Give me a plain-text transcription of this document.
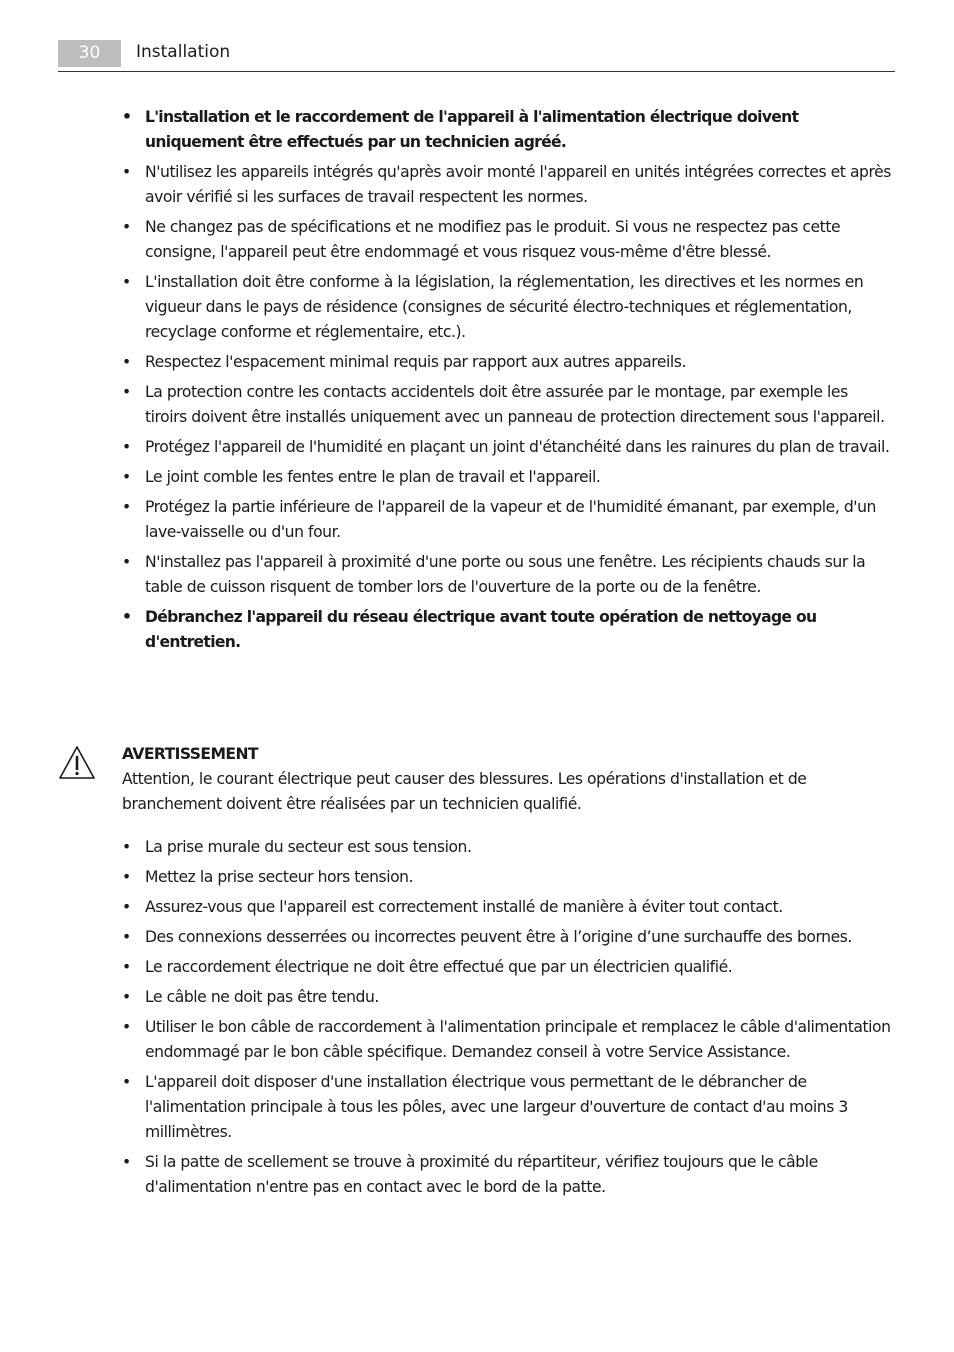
30	Installation
• L'installation et le raccordement de l'appareil à l'alimentation électrique doivent uniquement être effectués par un technicien agréé.
• N'utilisez les appareils intégrés qu'après avoir monté l'appareil en unités intégrées correctes et après avoir vérifié si les surfaces de travail respectent les normes.
• Ne changez pas de spécifications et ne modifiez pas le produit. Si vous ne respectez pas cette consigne, l'appareil peut être endommagé et vous risquez vous-même d'être blessé.
• L'installation doit être conforme à la législation, la réglementation, les directives et les normes en vigueur dans le pays de résidence (consignes de sécurité électro-techniques et réglementation, recyclage conforme et réglementaire, etc.).
• Respectez l'espacement minimal requis par rapport aux autres appareils.
• La protection contre les contacts accidentels doit être assurée par le montage, par exemple les tiroirs doivent être installés uniquement avec un panneau de protection directement sous l'appareil.
• Protégez l'appareil de l'humidité en plaçant un joint d'étanchéité dans les rainures du plan de travail.
• Le joint comble les fentes entre le plan de travail et l'appareil.
• Protégez la partie inférieure de l'appareil de la vapeur et de l'humidité émanant, par exemple, d'un lave-vaisselle ou d'un four.
• N'installez pas l'appareil à proximité d'une porte ou sous une fenêtre. Les récipients chauds sur la table de cuisson risquent de tomber lors de l'ouverture de la porte ou de la fenêtre.
• Débranchez l'appareil du réseau électrique avant toute opération de nettoyage ou d'entretien.
AVERTISSEMENT
Attention, le courant électrique peut causer des blessures. Les opérations d'installation et de branchement doivent être réalisées par un technicien qualifié.
• La prise murale du secteur est sous tension.
• Mettez la prise secteur hors tension.
• Assurez-vous que l'appareil est correctement installé de manière à éviter tout contact.
• Des connexions desserrées ou incorrectes peuvent être à l’origine d’une surchauffe des bornes.
• Le raccordement électrique ne doit être effectué que par un électricien qualifié.
• Le câble ne doit pas être tendu.
• Utiliser le bon câble de raccordement à l'alimentation principale et remplacez le câble d'alimentation endommagé par le bon câble spécifique. Demandez conseil à votre Service Assistance.
• L'appareil doit disposer d'une installation électrique vous permettant de le débrancher de l'alimentation principale à tous les pôles, avec une largeur d'ouverture de contact d'au moins 3 millimètres.
• Si la patte de scellement se trouve à proximité du répartiteur, vérifiez toujours que le câble d'alimentation n'entre pas en contact avec le bord de la patte.
